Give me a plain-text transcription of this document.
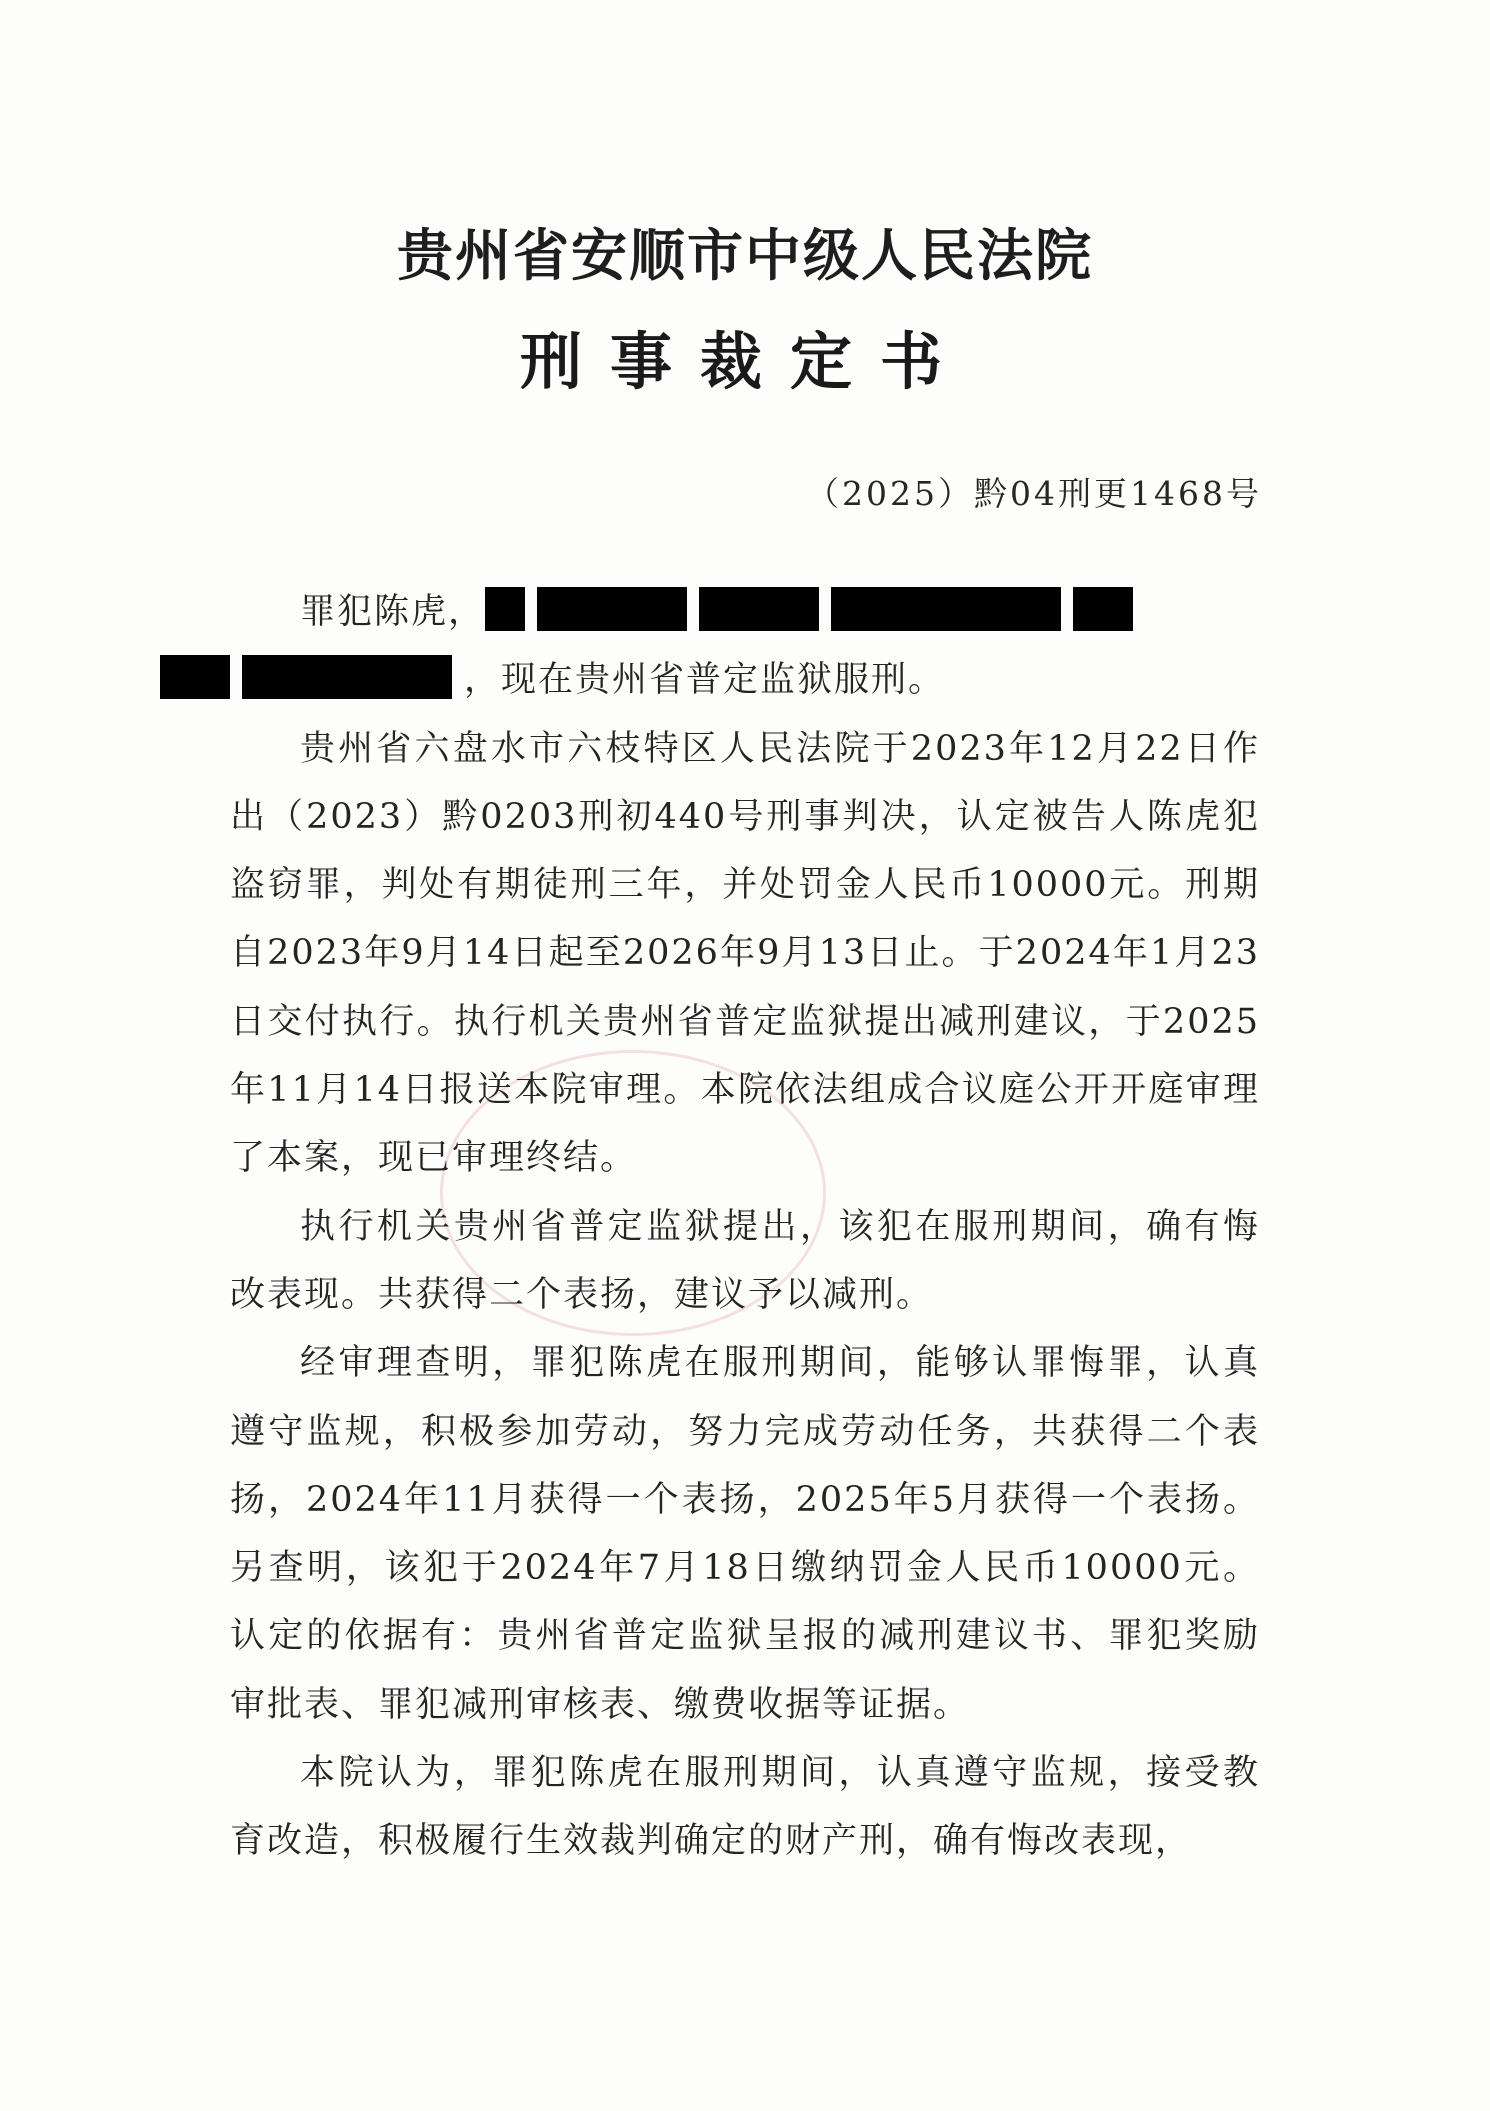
贵州省安顺市中级人民法院
刑事裁定书
（2025）黔04刑更1468号

罪犯陈虎，
，现在贵州省普定监狱服刑。

贵州省六盘水市六枝特区人民法院于2023年12月22日作出（2023）黔0203刑初440号刑事判决，认定被告人陈虎犯盗窃罪，判处有期徒刑三年，并处罚金人民币10000元。刑期自2023年9月14日起至2026年9月13日止。于2024年1月23日交付执行。执行机关贵州省普定监狱提出减刑建议，于2025年11月14日报送本院审理。本院依法组成合议庭公开开庭审理了本案，现已审理终结。

执行机关贵州省普定监狱提出，该犯在服刑期间，确有悔改表现。共获得二个表扬，建议予以减刑。

经审理查明，罪犯陈虎在服刑期间，能够认罪悔罪，认真遵守监规，积极参加劳动，努力完成劳动任务，共获得二个表扬，2024年11月获得一个表扬，2025年5月获得一个表扬。另查明，该犯于2024年7月18日缴纳罚金人民币10000元。认定的依据有：贵州省普定监狱呈报的减刑建议书、罪犯奖励审批表、罪犯减刑审核表、缴费收据等证据。

本院认为，罪犯陈虎在服刑期间，认真遵守监规，接受教育改造，积极履行生效裁判确定的财产刑，确有悔改表现，
